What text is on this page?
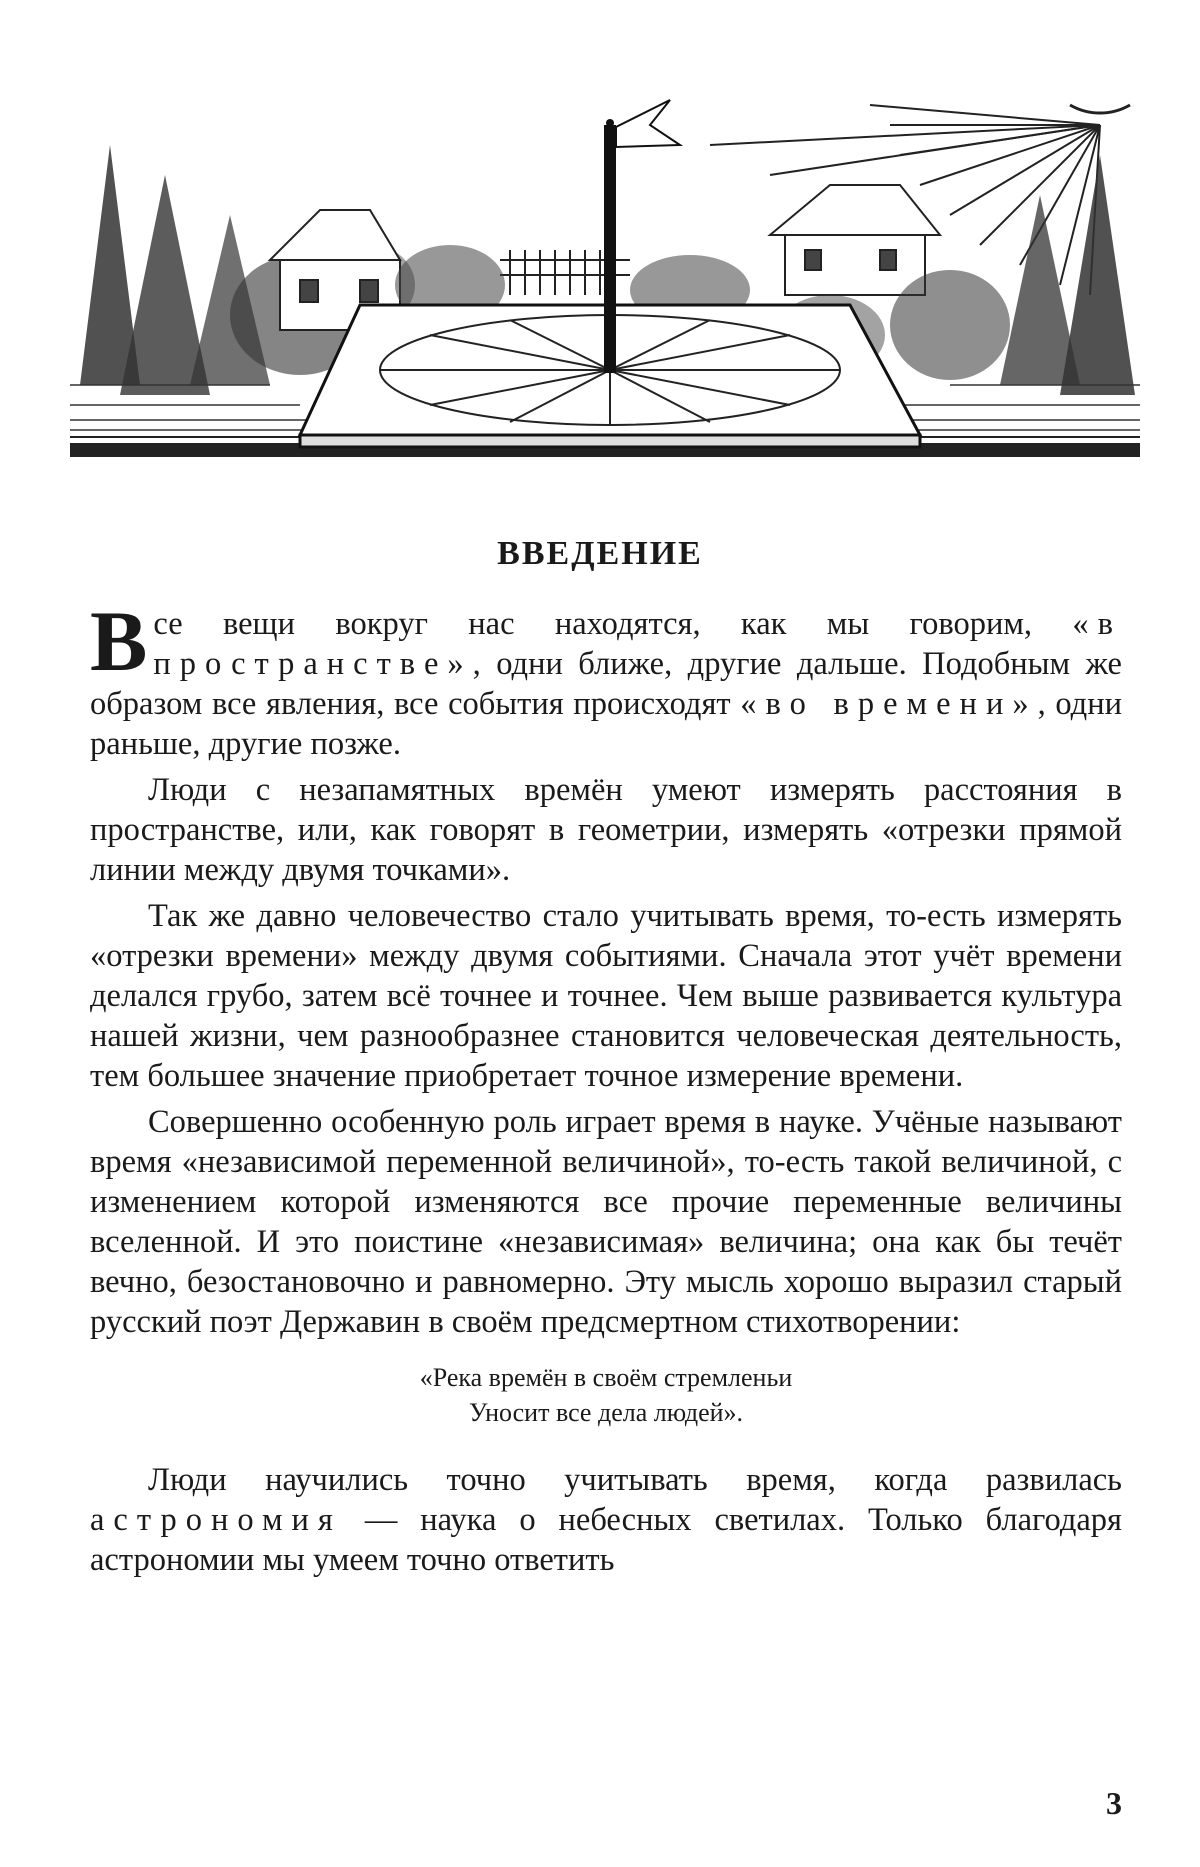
ВВЕДЕНИЕ

Все вещи вокруг нас находятся, как мы говорим, «в пространстве», одни ближе, другие дальше. Подобным же образом все явления, все события происходят «во времени», одни раньше, другие позже.

Люди с незапамятных времён умеют измерять расстояния в пространстве, или, как говорят в геометрии, измерять «отрезки прямой линии между двумя точками».

Так же давно человечество стало учитывать время, то-есть измерять «отрезки времени» между двумя событиями. Сначала этот учёт времени делался грубо, затем всё точнее и точнее. Чем выше развивается культура нашей жизни, чем разнообразнее становится человеческая деятельность, тем большее значение приобретает точное измерение времени.

Совершенно особенную роль играет время в науке. Учёные называют время «независимой переменной величиной», то-есть такой величиной, с изменением которой изменяются все прочие переменные величины вселенной. И это поистине «независимая» величина; она как бы течёт вечно, безостановочно и равномерно. Эту мысль хорошо выразил старый русский поэт Державин в своём предсмертном стихотворении:

«Река времён в своём стремленьи
Уносит все дела людей».

Люди научились точно учитывать время, когда развилась астрономия — наука о небесных светилах. Только благодаря астрономии мы умеем точно ответить

3
